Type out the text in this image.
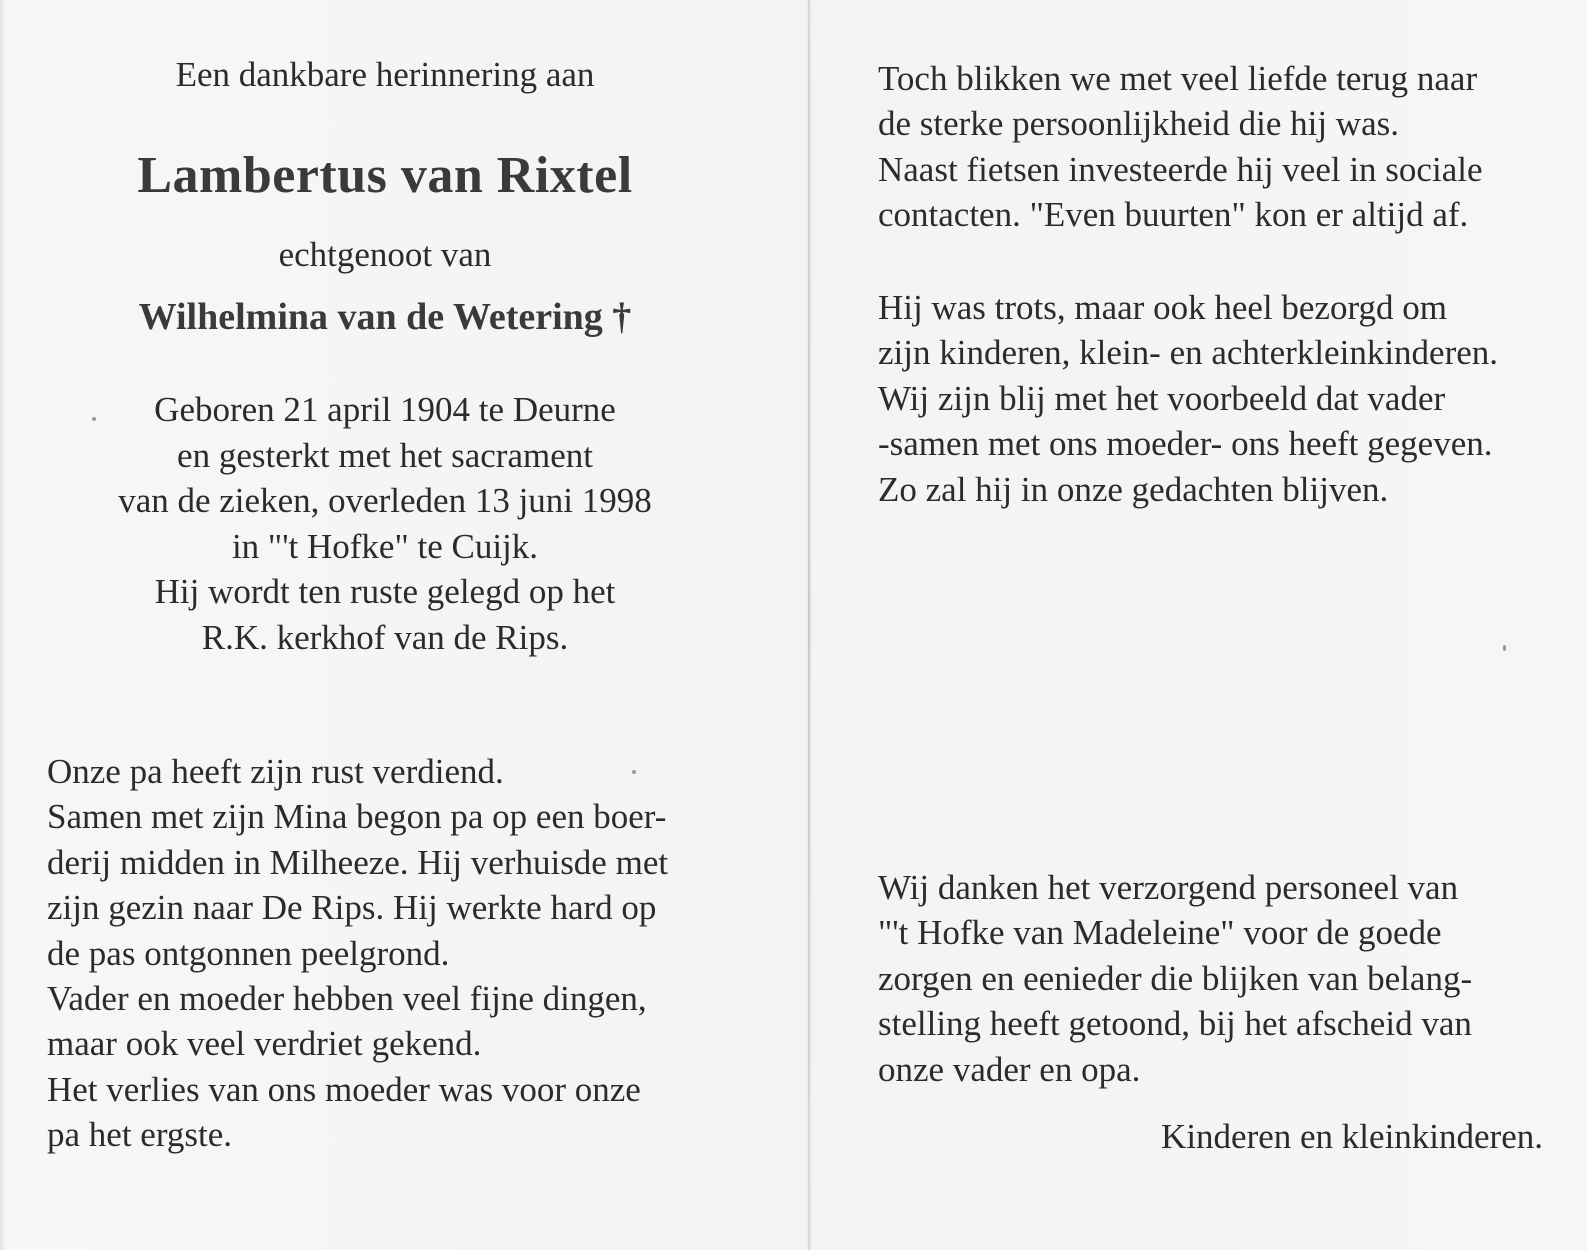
Een dankbare herinnering aan
Lambertus van Rixtel
echtgenoot van
Wilhelmina van de Wetering †
Geboren 21 april 1904 te Deurne
en gesterkt met het sacrament
van de zieken, overleden 13 juni 1998
in "'t Hofke" te Cuijk.
Hij wordt ten ruste gelegd op het
R.K. kerkhof van de Rips.
Onze pa heeft zijn rust verdiend.
Samen met zijn Mina begon pa op een boer-
derij midden in Milheeze. Hij verhuisde met
zijn gezin naar De Rips. Hij werkte hard op
de pas ontgonnen peelgrond.
Vader en moeder hebben veel fijne dingen,
maar ook veel verdriet gekend.
Het verlies van ons moeder was voor onze
pa het ergste.
Toch blikken we met veel liefde terug naar
de sterke persoonlijkheid die hij was.
Naast fietsen investeerde hij veel in sociale
contacten. "Even buurten" kon er altijd af.
Hij was trots, maar ook heel bezorgd om
zijn kinderen, klein- en achterkleinkinderen.
Wij zijn blij met het voorbeeld dat vader
-samen met ons moeder- ons heeft gegeven.
Zo zal hij in onze gedachten blijven.
Wij danken het verzorgend personeel van
"'t Hofke van Madeleine" voor de goede
zorgen en eenieder die blijken van belang-
stelling heeft getoond, bij het afscheid van
onze vader en opa.
Kinderen en kleinkinderen.
